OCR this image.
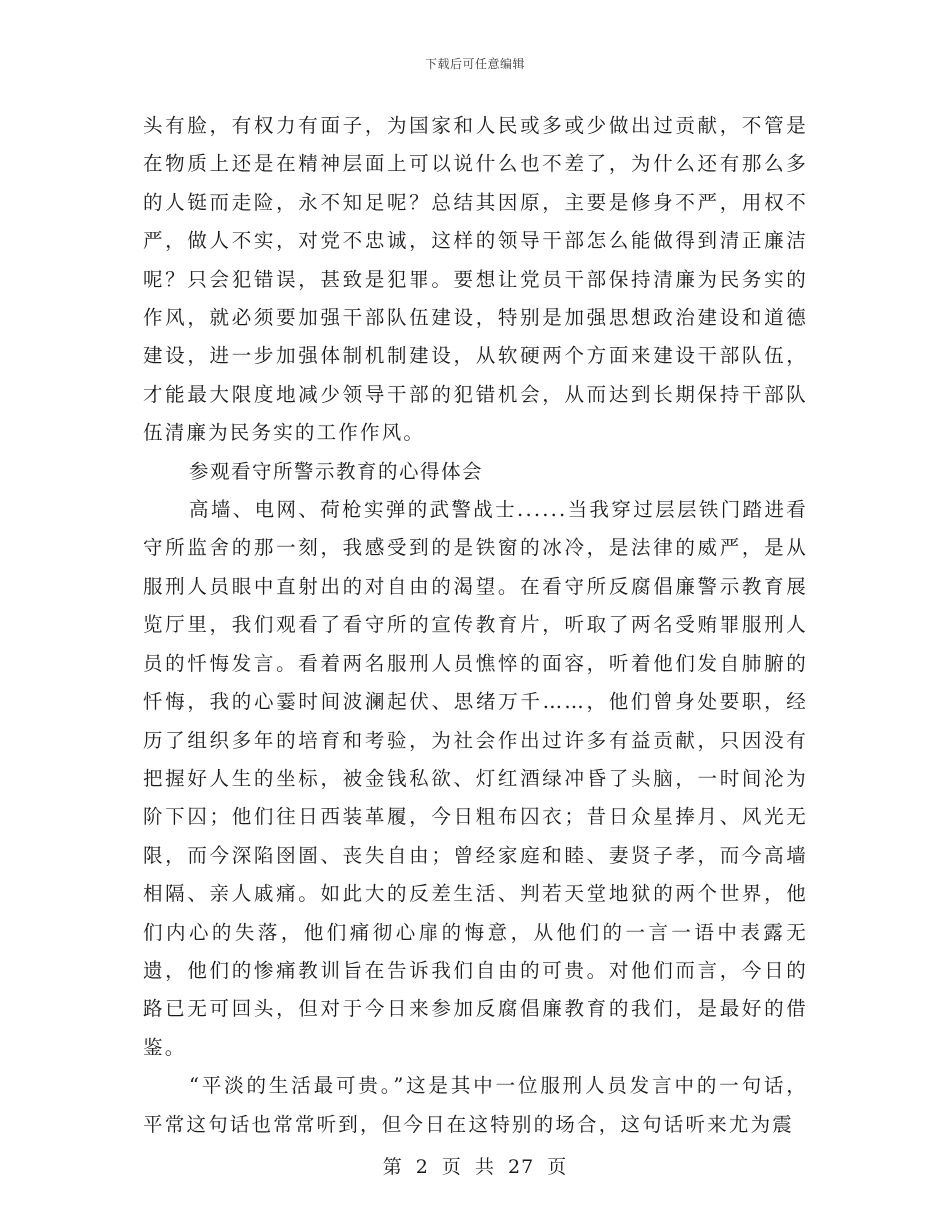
下载后可任意编辑

头有脸，有权力有面子，为国家和人民或多或少做出过贡献，不管是在物质上还是在精神层面上可以说什么也不差了，为什么还有那么多的人铤而走险，永不知足呢？总结其因原，主要是修身不严，用权不严，做人不实，对党不忠诚，这样的领导干部怎么能做得到清正廉洁呢？只会犯错误，甚致是犯罪。要想让党员干部保持清廉为民务实的作风，就必须要加强干部队伍建设，特别是加强思想政治建设和道德建设，进一步加强体制机制建设，从软硬两个方面来建设干部队伍，才能最大限度地减少领导干部的犯错机会，从而达到长期保持干部队伍清廉为民务实的工作作风。

参观看守所警示教育的心得体会

高墙、电网、荷枪实弹的武警战士......当我穿过层层铁门踏进看守所监舍的那一刻，我感受到的是铁窗的冰冷，是法律的威严，是从服刑人员眼中直射出的对自由的渴望。在看守所反腐倡廉警示教育展览厅里，我们观看了看守所的宣传教育片，听取了两名受贿罪服刑人员的忏悔发言。看着两名服刑人员憔悴的面容，听着他们发自肺腑的忏悔，我的心霎时间波澜起伏、思绪万千……，他们曾身处要职，经历了组织多年的培育和考验，为社会作出过许多有益贡献，只因没有把握好人生的坐标，被金钱私欲、灯红酒绿冲昏了头脑，一时间沦为阶下囚；他们往日西装革履，今日粗布囚衣；昔日众星捧月、风光无限，而今深陷囹圄、丧失自由；曾经家庭和睦、妻贤子孝，而今高墙相隔、亲人戚痛。如此大的反差生活、判若天堂地狱的两个世界，他们内心的失落，他们痛彻心扉的悔意，从他们的一言一语中表露无遗，他们的惨痛教训旨在告诉我们自由的可贵。对他们而言，今日的路已无可回头，但对于今日来参加反腐倡廉教育的我们，是最好的借鉴。

“平淡的生活最可贵。”这是其中一位服刑人员发言中的一句话，平常这句话也常常听到，但今日在这特别的场合，这句话听来尤为震

第 2 页 共 27 页
